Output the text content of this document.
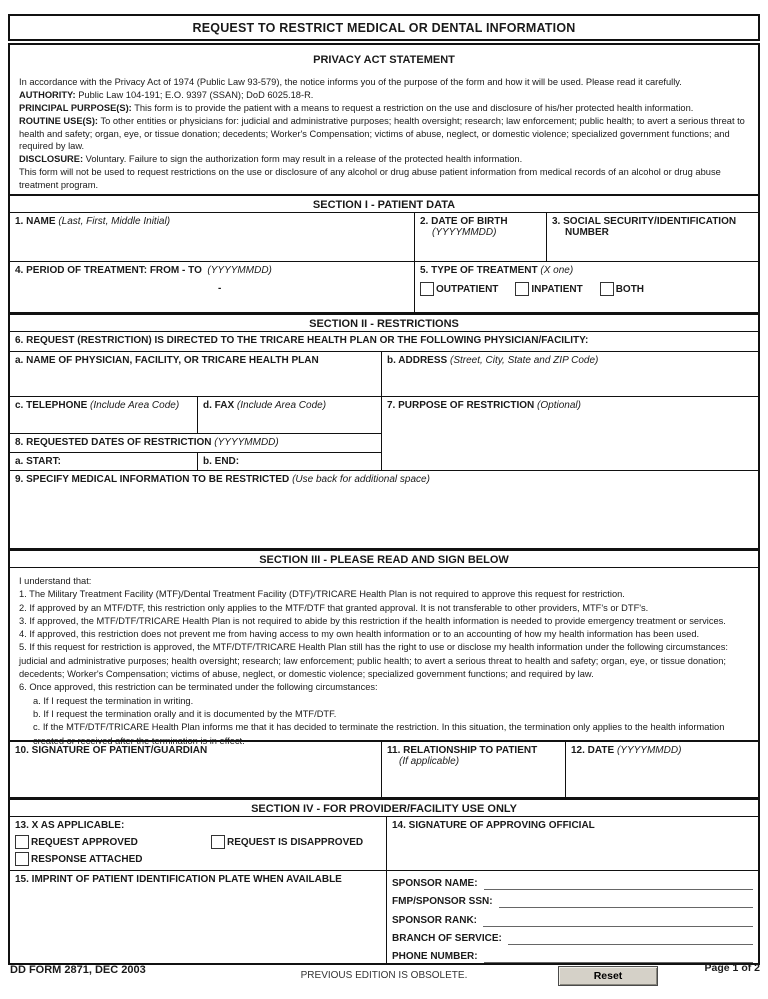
REQUEST TO RESTRICT MEDICAL OR DENTAL INFORMATION
PRIVACY ACT STATEMENT

In accordance with the Privacy Act of 1974 (Public Law 93-579), the notice informs you of the purpose of the form and how it will be used. Please read it carefully.

AUTHORITY: Public Law 104-191; E.O. 9397 (SSAN); DoD 6025.18-R.

PRINCIPAL PURPOSE(S): This form is to provide the patient with a means to request a restriction on the use and disclosure of his/her protected health information.

ROUTINE USE(S): To other entities or physicians for: judicial and administrative purposes; health oversight; research; law enforcement; public health; to avert a serious threat to health and safety; organ, eye, or tissue donation; decedents; Worker's Compensation; victims of abuse, neglect, or domestic violence; specialized government functions; and required by law.

DISCLOSURE: Voluntary. Failure to sign the authorization form may result in a release of the protected health information.

This form will not be used to request restrictions on the use or disclosure of any alcohol or drug abuse patient information from medical records of an alcohol or drug abuse treatment program.

SECTION I - PATIENT DATA
1. NAME (Last, First, Middle Initial)	2. DATE OF BIRTH
(YYYYMMDD)
3. SOCIAL SECURITY/IDENTIFICATION NUMBER
4. PERIOD OF TREATMENT: FROM - TO (YYYYMMDD)
-
5. TYPE OF TREATMENT (X one)
OUTPATIENT	INPATIENT	BOTH
SECTION II - RESTRICTIONS
6. REQUEST (RESTRICTION) IS DIRECTED TO THE TRICARE HEALTH PLAN OR THE FOLLOWING PHYSICIAN/FACILITY:
a. NAME OF PHYSICIAN, FACILITY, OR TRICARE HEALTH PLAN	b. ADDRESS (Street, City, State and ZIP Code)
c. TELEPHONE (Include Area Code)	d. FAX (Include Area Code)
8. REQUESTED DATES OF RESTRICTION (YYYYMMDD)
a. START:	b. END:
7. PURPOSE OF RESTRICTION (Optional)
9. SPECIFY MEDICAL INFORMATION TO BE RESTRICTED (Use back for additional space)
SECTION III - PLEASE READ AND SIGN BELOW
I understand that:
1. The Military Treatment Facility (MTF)/Dental Treatment Facility (DTF)/TRICARE Health Plan is not required to approve this request for restriction.
2. If approved by an MTF/DTF, this restriction only applies to the MTF/DTF that granted approval. It is not transferable to other providers, MTF's or DTF's.
3. If approved, the MTF/DTF/TRICARE Health Plan is not required to abide by this restriction if the health information is needed to provide emergency treatment or services.
4. If approved, this restriction does not prevent me from having access to my own health information or to an accounting of how my health information has been used.
5. If this request for restriction is approved, the MTF/DTF/TRICARE Health Plan still has the right to use or disclose my health information under the following circumstances: judicial and administrative purposes; health oversight; research; law enforcement; public health; to avert a serious threat to health and safety; organ, eye, or tissue donation; decedents; Worker's Compensation; victims of abuse, neglect, or domestic violence; specialized government functions; and required by law.
6. Once approved, this restriction can be terminated under the following circumstances:
a. If I request the termination in writing.
b. If I request the termination orally and it is documented by the MTF/DTF.
c. If the MTF/DTF/TRICARE Health Plan informs me that it has decided to terminate the restriction. In this situation, the termination only applies to the health information created or received after the termination is in effect.
10. SIGNATURE OF PATIENT/GUARDIAN	11. RELATIONSHIP TO PATIENT
(If applicable)
12. DATE (YYYYMMDD)
SECTION IV - FOR PROVIDER/FACILITY USE ONLY
13. X AS APPLICABLE:
REQUEST APPROVED	REQUEST IS DISAPPROVED
RESPONSE ATTACHED
14. SIGNATURE OF APPROVING OFFICIAL
15. IMPRINT OF PATIENT IDENTIFICATION PLATE WHEN AVAILABLE	SPONSOR NAME:
FMP/SPONSOR SSN:
SPONSOR RANK:
BRANCH OF SERVICE:
PHONE NUMBER:
DD FORM 2871, DEC 2003	PREVIOUS EDITION IS OBSOLETE.	Reset
Page 1 of 2
